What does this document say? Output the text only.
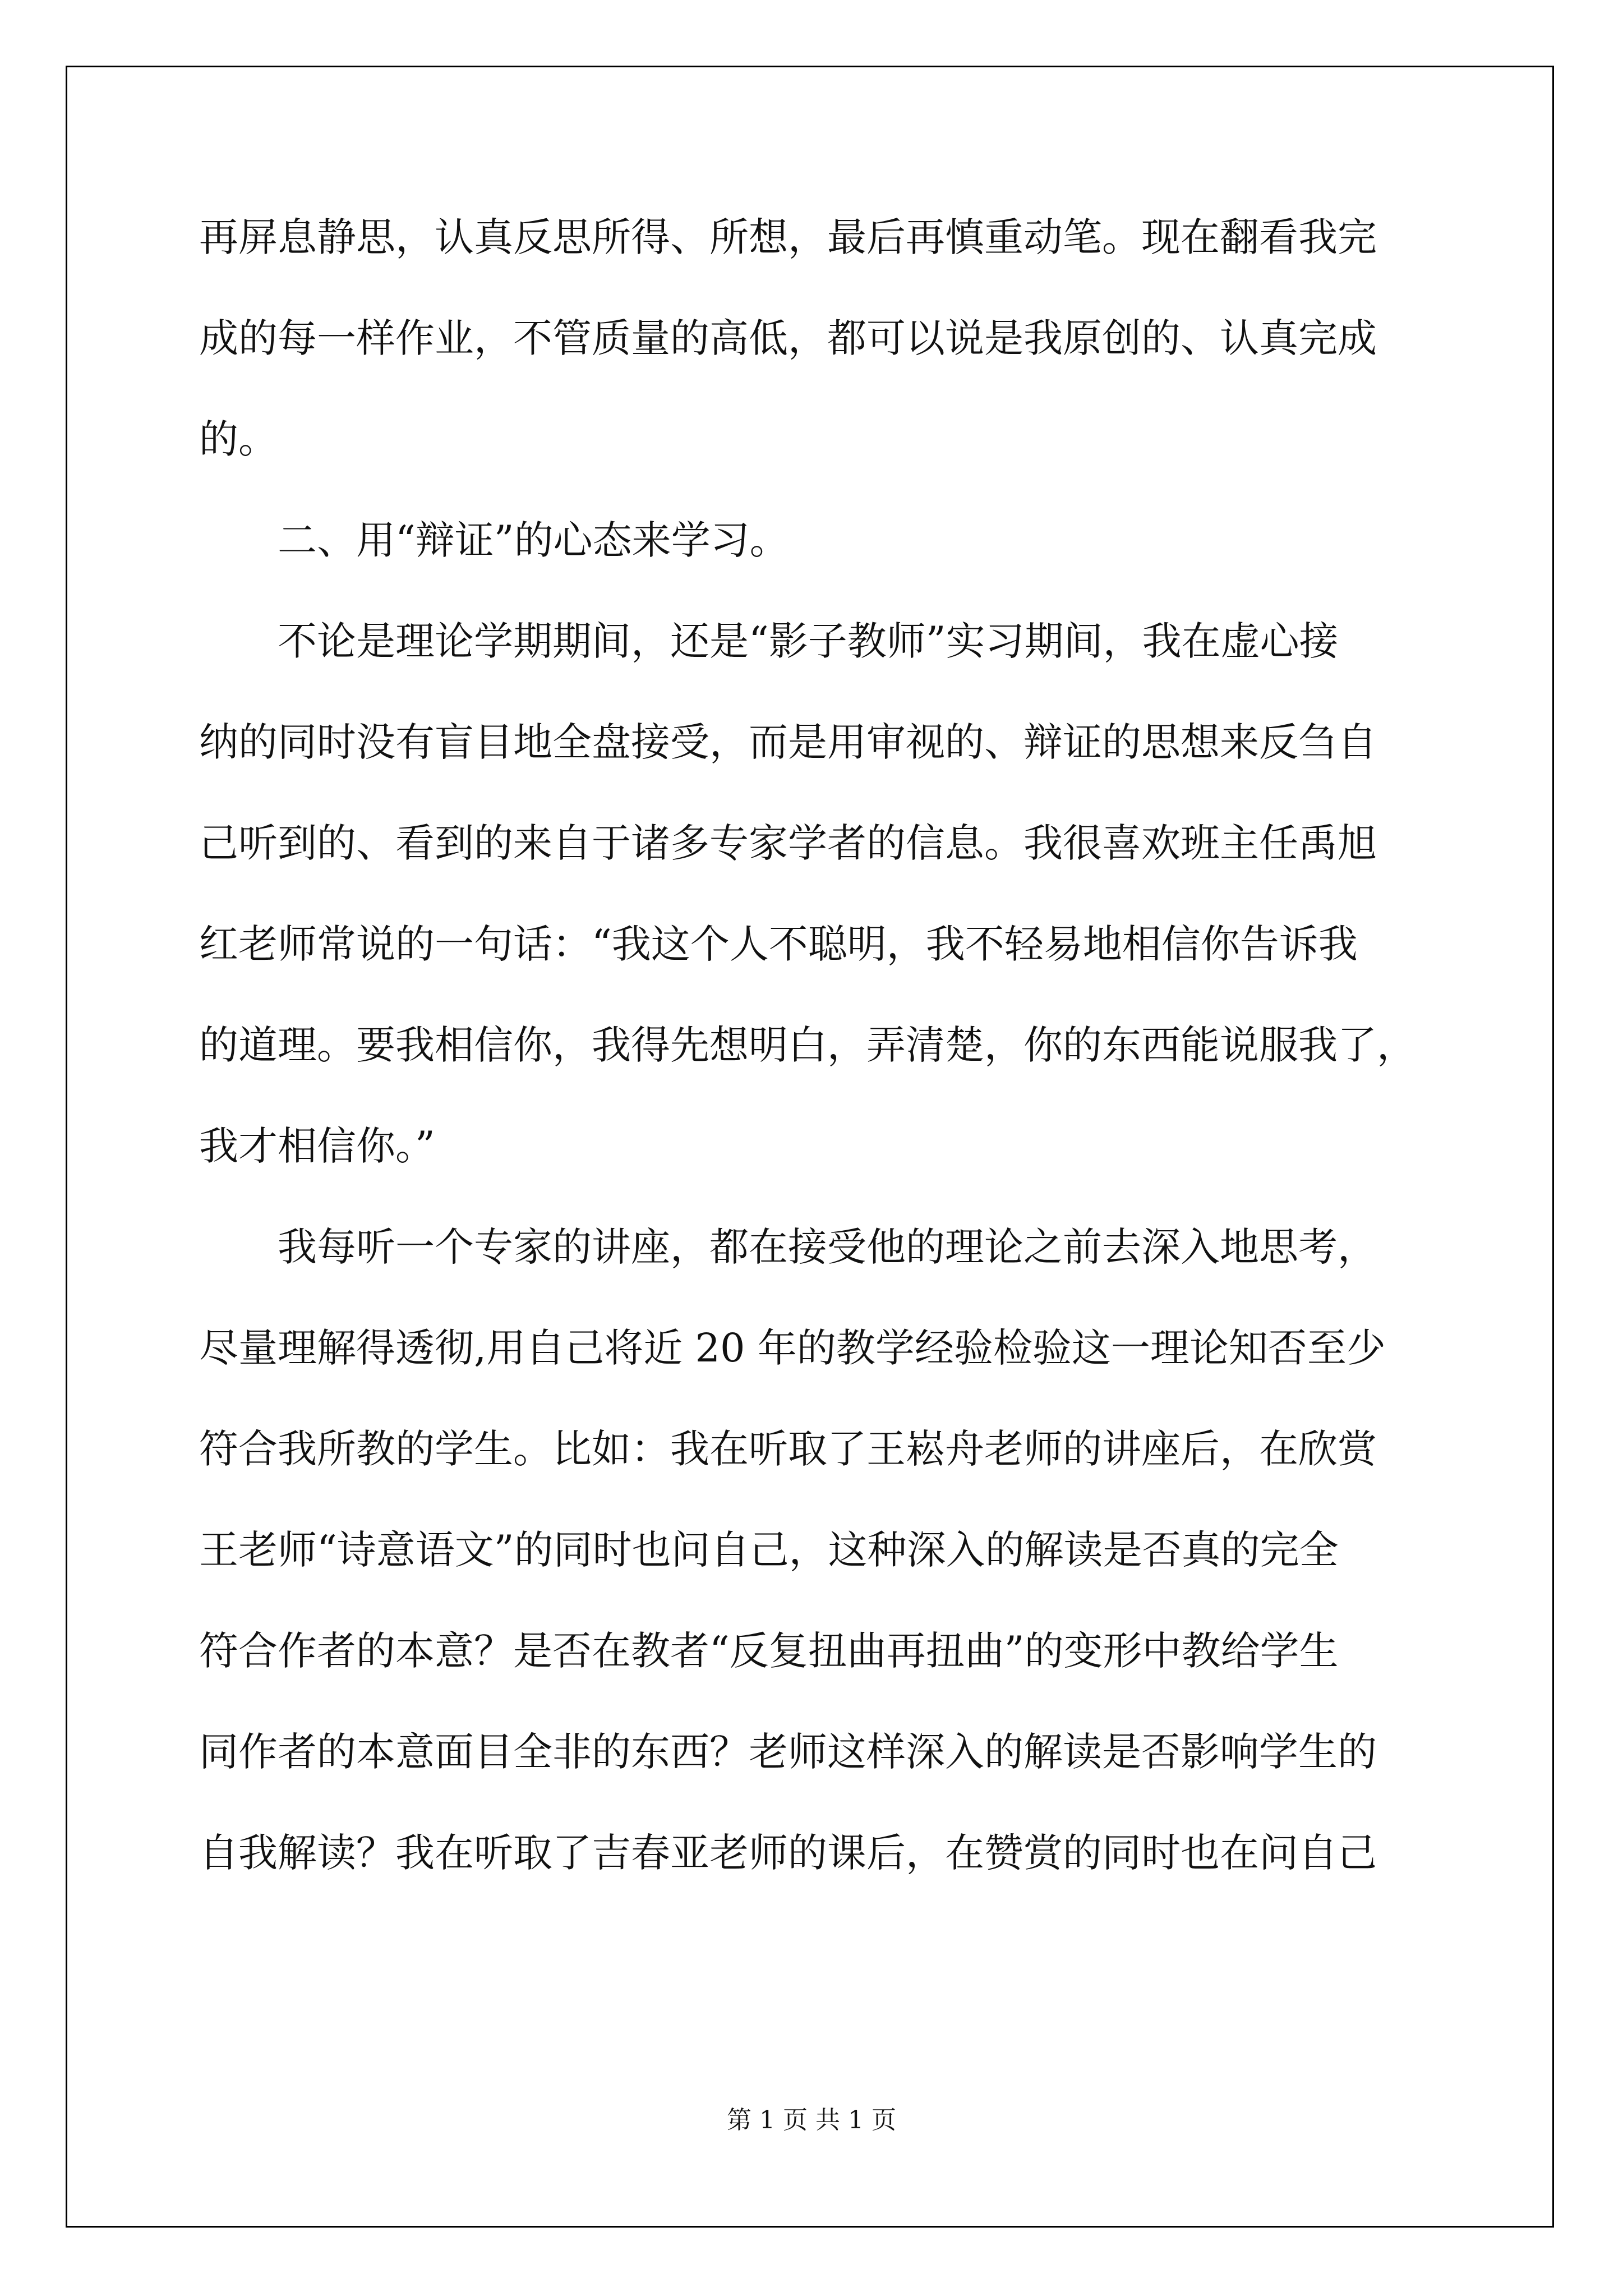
再屏息静思，认真反思所得、所想，最后再慎重动笔。现在翻看我完

成的每一样作业，不管质量的高低，都可以说是我原创的、认真完成

的。

二、用“辩证”的心态来学习。

不论是理论学期期间，还是“影子教师”实习期间，我在虚心接

纳的同时没有盲目地全盘接受，而是用审视的、辩证的思想来反刍自

己听到的、看到的来自于诸多专家学者的信息。我很喜欢班主任禹旭

红老师常说的一句话：“我这个人不聪明，我不轻易地相信你告诉我

的道理。要我相信你，我得先想明白，弄清楚，你的东西能说服我了，

我才相信你。”

我每听一个专家的讲座，都在接受他的理论之前去深入地思考，

尽量理解得透彻,用自己将近 20 年的教学经验检验这一理论知否至少

符合我所教的学生。比如：我在听取了王崧舟老师的讲座后，在欣赏

王老师“诗意语文”的同时也问自己，这种深入的解读是否真的完全

符合作者的本意？是否在教者“反复扭曲再扭曲”的变形中教给学生

同作者的本意面目全非的东西？老师这样深入的解读是否影响学生的

自我解读？我在听取了吉春亚老师的课后，在赞赏的同时也在问自己

第 1 页 共 1 页
